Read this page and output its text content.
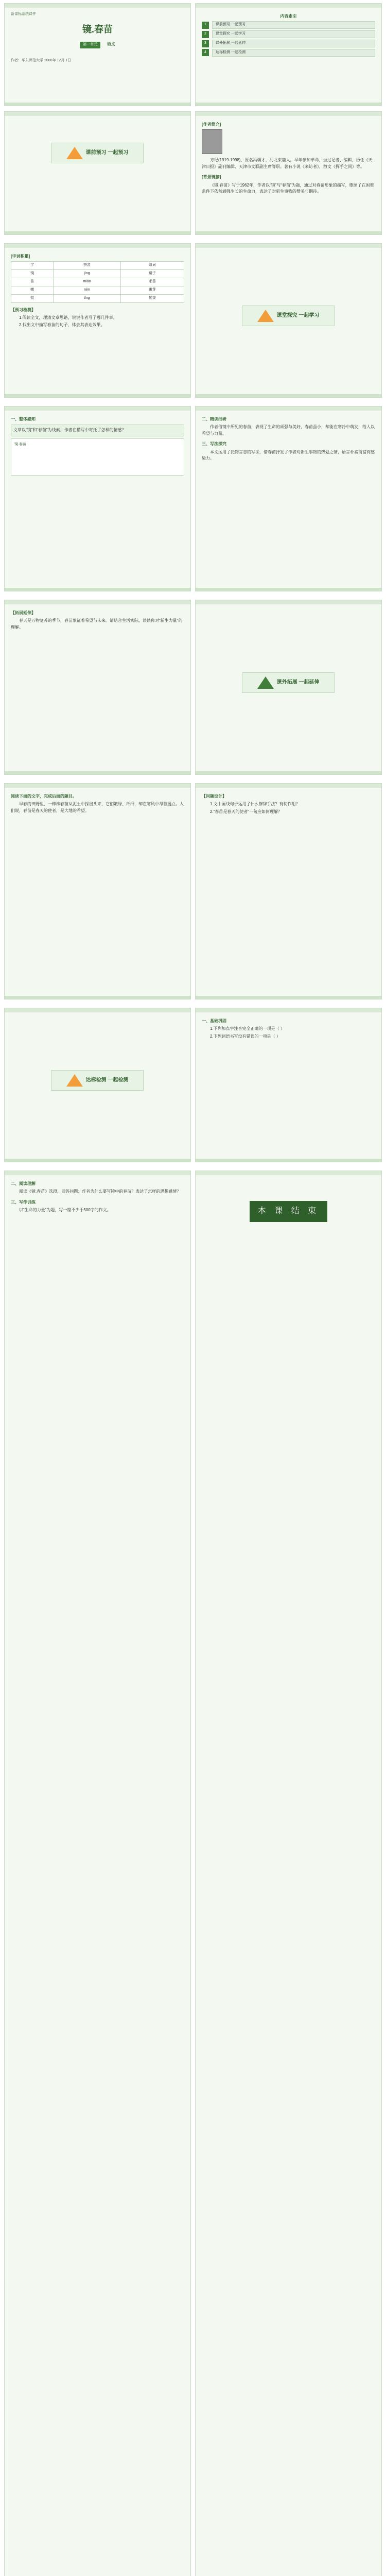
新课标系统课件
镜.春苗
第一单元 语文
作者：华东师范大学 2006年 12月 1日
内容索引
1	课前预习 一起预习
2	课堂探究 一起学习
3	课外拓展 一起延伸
4	达标检测 一起检测
课前预习 一起预习
[作者简介]
方纪(1919-1998)，原名冯骥才，河北束鹿人。早年参加革命，当过记者、编辑，历任《天津日报》副刊编辑、天津市文联副主席等职。著有小说《来访者》，散文《挥手之间》等。
[背景链接]
《镜.春苗》写于1962年，作者以“镜”与“春苗”为题，通过对春苗形象的描写，歌颂了在困难条件下依然顽强生长的生命力，表达了对新生事物的赞美与期待。
[字词积累]
字	拼音	组词
镜	jìng	镜子
苗	miáo	禾苗
嫩	nèn	嫩芽
挺	tǐng	挺拔
【预习检测】
1.阅读全文，理清文章思路，说说作者写了哪几件事。
2.找出文中描写春苗的句子，体会其表达效果。
课堂探究 一起学习
一、整体感知
文章以“镜”和“春苗”为线索，作者在描写中寄托了怎样的情感？
镜.春苗
二、精读细研
作者借镜中所见的春苗，表现了生命的顽强与美好，春苗虽小，却能在寒冷中萌发，给人以希望与力量。
三、写法探究
本文运用了托物言志的写法，借春苗抒发了作者对新生事物的热爱之情，语言朴素而富有感染力。
【拓展延伸】
春天是万物复苏的季节，春苗象征着希望与未来。请结合生活实际，谈谈你对“新生力量”的理解。
课外拓展 一起延伸
阅读下面的文字，完成后面的题目。
早春的田野里，一株株春苗从泥土中探出头来，它们嫩绿、纤细，却在寒风中昂首挺立。人们说，春苗是春天的使者，是大地的希望。
【问题设计】
1.文中画线句子运用了什么修辞手法？有何作用？
2.“春苗是春天的使者”一句应如何理解？
达标检测 一起检测
一、基础巩固
1.下列加点字注音完全正确的一项是（ ）
2.下列词语书写没有错误的一项是（ ）
二、阅读理解
阅读《镜.春苗》选段，回答问题：作者为什么要写镜中的春苗？表达了怎样的思想感情？
三、写作训练
以“生命的力量”为题，写一篇不少于500字的作文。	本 课 结 束
